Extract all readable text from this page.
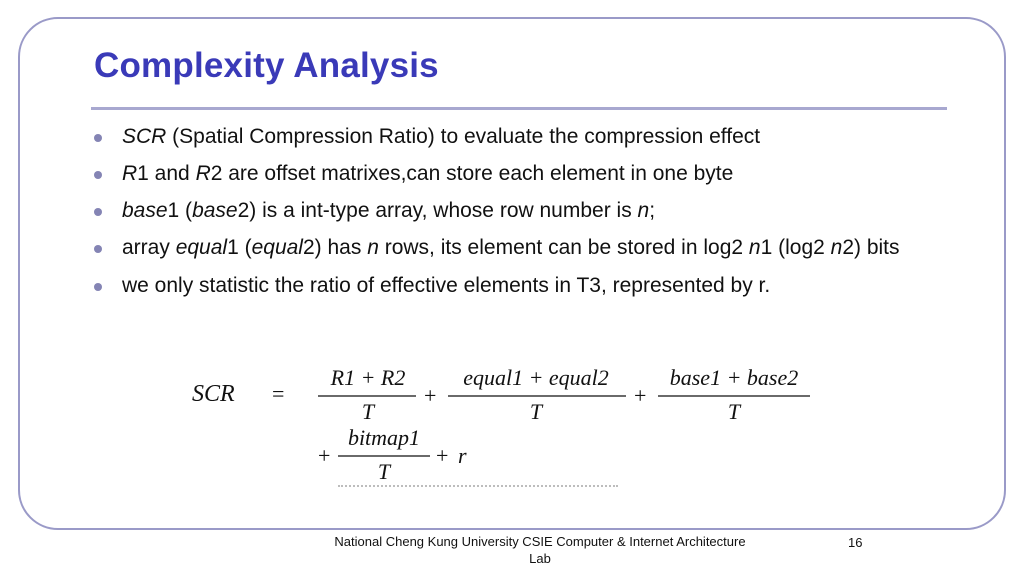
Complexity Analysis
SCR (Spatial Compression Ratio) to evaluate the compression effect
R1 and R2 are offset matrixes,can store each element in one byte
base1 (base2) is a int-type array, whose row number is n;
array equal1 (equal2) has n rows, its element can be stored in log2 n1 (log2 n2) bits
we only statistic the ratio of effective elements in T3, represented by r.
SCR =
R1 + R2
T
+
equal1 + equal2
T
+
base1 + base2
T
+
bitmap1
T
+ r
National Cheng Kung University CSIE Computer & Internet Architecture Lab
16
